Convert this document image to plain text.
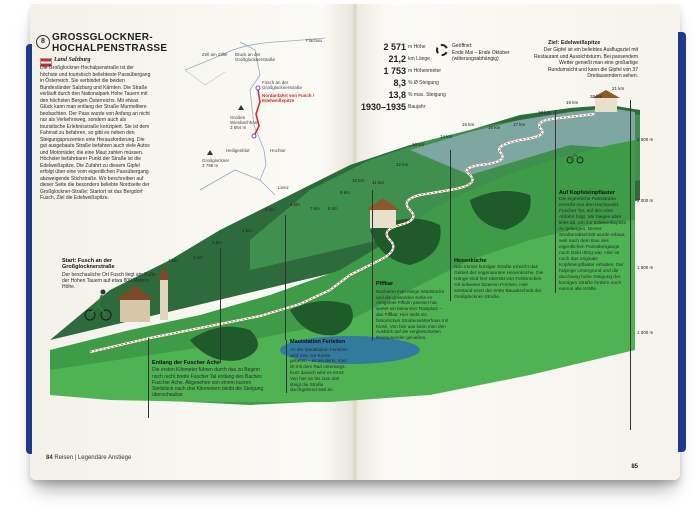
8 GROSSGLOCKNER-HOCHALPENSTRASSE
Land Salzburg
Die Großglockner-Hochalpenstraße ist der höchste und touristisch beliebteste Passübergang in Österreich. Sie verbindet die beiden Bundesländer Salzburg und Kärnten. Die Straße verläuft durch den Nationalpark Hohe Tauern mit den höchsten Bergen Österreichs. Mit etwas Glück kann man entlang der Straße Murmeltiere beobachten. Der Pass wurde von Anfang an nicht nur als Verkehrsweg, sondern auch als touristische Erlebnisstraße konzipiert. Sie ist dem Fahrrad zu befahren, so gibt es neben den Steigungsprozenten eine Herausforderung. Die gut ausgebaute Straße befahren auch viele Autos und Motorräder, die eine Maut zahlen müssen. Höchster befahrbarer Punkt der Straße ist die Edelweißspitze. Die Zufahrt zu diesem Gipfel erfolgt über eine vom eigentlichen Passübergang abzweigende Stichstraße. Wir beschreiben auf dieser Seite die besonders beliebte Nordseite der Großglockner-Straße: Startort ist das Bergdorf Fusch, Ziel die Edelweißspitze.
Zell am Ziller Bruck an der Großglocknerstraße
Flachau
Großes Wiesbachhorn 3 564 m
Fusch an der Großglocknerstraße
Nordanfahrt von Fusch / Edelweißspitze
Großglockner 3 798 m
Heiligenblut	Hochtor
Lienz
2 571 m Höhe
21,2 km Länge
1 753 m Höhenmeter
8,3 % Ø Steigung
13,8 % max. Steigung
1930–1935 Baujahr
Geöffnet:
Ende Mai – Ende Oktober (witterungsabhängig)
Ziel: Edelweißspitze
Der Gipfel ist ein beliebtes Ausflugsziel mit Restaurant und Aussichtsturm. Bei passendem Wetter genießt man eine großartige Rundumsicht und kann die Gipfel von 37 Dreitausendern sehen.
1 km
2 km
3 km
4 km
5 km
6 km
7 km 8 km
9 km
10 km 11 km
12 km
13 km
14 km
15 km
16 km
17 km
18 km
19 km
20 km
21 km
2 500 m
2 000 m
1 500 m
1 000 m
Start: Fusch an der Großglocknerstraße
Der beschauliche Ort Fusch liegt am Fuße der Hohen Tauern auf etwa 800 Metern Höhe.
Entlang der Fuscher Ache
Die ersten Kilometer führen durch das zu Beginn noch recht breite Fuscher Tal entlang des Baches Fuscher Ache. Abgesehen von einem kurzen Steilstück nach drei Kilometern bleibt die Steigung überschaubar.
Mautstation Ferleiten
An der Mautstation Ferleiten wird man zur Kasse gebeten – es sei denn, man ist mit dem Rad unterwegs. Kurz danach wird es ernst: Von hier an bis zum Ziel steigt die Straße durchgehend steil an.
Piffkar
Nachdem man einige Waldstücke und die grasenden Kühe im Almgebiet Piffalm passiert hat, wartet ein bekannter Rastplatz – das Piffkar. Hier steht ein historisches Straßenwärterhaus mit Kiosk. Von hier aus kann man den Ausblick auf die vergletscherten Dreitausender genießen.
Hexenküche
Nun immer kurviger Straße erreicht das Gebiet der sogenannten Hexenküche. Die Hänge sind hier übersät von Felsbrocken mit teilweise bizarren Formen. Hier entstand einst der erste Bauabschnitt der Großglockner-Straße.
Auf Kopfsteinpflaster
Die eigentliche Passstraße erreicht nun den Hochpunkt Fuscher Tor, auf den eine Abfahrt folgt. Wir biegen aber links ab, um zur Edelweißspitze zu gelangen. Dieser Straßenabschnitt wurde erbaut, weil nach dem Bau des eigentlichen Passübergangs noch Geld übrig war. Hier ist noch das originale Kopfsteinpflaster erhalten. Der holprige Untergrund und die durchweg hohe Steigung der kurvigen Straße fordern noch einmal alle Kräfte.
84 Reisen | Legendäre Anstiege
85
